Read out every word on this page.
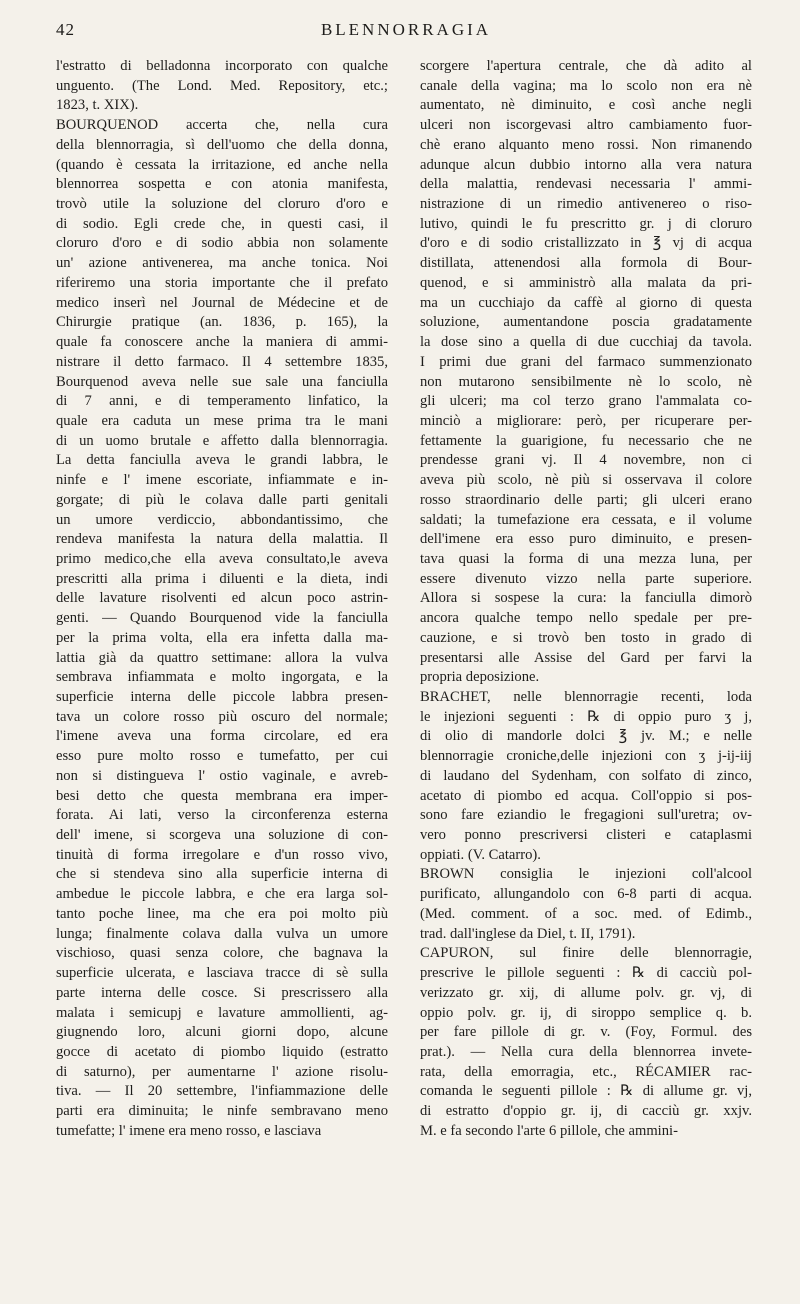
42	BLENNORRAGIA
l'estratto di belladonna incorporato con qualche
unguento. (The Lond. Med. Repository, etc.;
1823, t. XIX).
BOURQUENOD accerta che, nella cura
della blennorragia, sì dell'uomo che della donna,
(quando è cessata la irritazione, ed anche nella
blennorrea sospetta e con atonia manifesta,
trovò utile la soluzione del cloruro d'oro e
di sodio. Egli crede che, in questi casi, il
cloruro d'oro e di sodio abbia non solamente
un' azione antivenerea, ma anche tonica. Noi
riferiremo una storia importante che il prefato
medico inserì nel Journal de Médecine et de
Chirurgie pratique (an. 1836, p. 165), la
quale fa conoscere anche la maniera di ammi-
nistrare il detto farmaco. Il 4 settembre 1835,
Bourquenod aveva nelle sue sale una fanciulla
di 7 anni, e di temperamento linfatico, la
quale era caduta un mese prima tra le mani
di un uomo brutale e affetto dalla blennorragia.
La detta fanciulla aveva le grandi labbra, le
ninfe e l' imene escoriate, infiammate e in-
gorgate; di più le colava dalle parti genitali
un umore verdiccio, abbondantissimo, che
rendeva manifesta la natura della malattia. Il
primo medico,che ella aveva consultato,le aveva
prescritti alla prima i diluenti e la dieta, indi
delle lavature risolventi ed alcun poco astrin-
genti. — Quando Bourquenod vide la fanciulla
per la prima volta, ella era infetta dalla ma-
lattia già da quattro settimane: allora la vulva
sembrava infiammata e molto ingorgata, e la
superficie interna delle piccole labbra presen-
tava un colore rosso più oscuro del normale;
l'imene aveva una forma circolare, ed era
esso pure molto rosso e tumefatto, per cui
non si distingueva l' ostio vaginale, e avreb-
besi detto che questa membrana era imper-
forata. Ai lati, verso la circonferenza esterna
dell' imene, si scorgeva una soluzione di con-
tinuità di forma irregolare e d'un rosso vivo,
che si stendeva sino alla superficie interna di
ambedue le piccole labbra, e che era larga sol-
tanto poche linee, ma che era poi molto più
lunga; finalmente colava dalla vulva un umore
vischioso, quasi senza colore, che bagnava la
superficie ulcerata, e lasciava tracce di sè sulla
parte interna delle cosce. Si prescrissero alla
malata i semicupj e lavature ammollienti, ag-
giugnendo loro, alcuni giorni dopo, alcune
gocce di acetato di piombo liquido (estratto
di saturno), per aumentarne l' azione risolu-
tiva. — Il 20 settembre, l'infiammazione delle
parti era diminuita; le ninfe sembravano meno
tumefatte; l' imene era meno rosso, e lasciava
scorgere l'apertura centrale, che dà adito al
canale della vagina; ma lo scolo non era nè
aumentato, nè diminuito, e così anche negli
ulceri non iscorgevasi altro cambiamento fuor-
chè erano alquanto meno rossi. Non rimanendo
adunque alcun dubbio intorno alla vera natura
della malattia, rendevasi necessaria l' ammi-
nistrazione di un rimedio antivenereo o riso-
lutivo, quindi le fu prescritto gr. j di cloruro
d'oro e di sodio cristallizzato in ℥ vj di acqua
distillata, attenendosi alla formola di Bour-
quenod, e si amministrò alla malata da pri-
ma un cucchiajo da caffè al giorno di questa
soluzione, aumentandone poscia gradatamente
la dose sino a quella di due cucchiaj da tavola.
I primi due grani del farmaco summenzionato
non mutarono sensibilmente nè lo scolo, nè
gli ulceri; ma col terzo grano l'ammalata co-
minciò a migliorare: però, per ricuperare per-
fettamente la guarigione, fu necessario che ne
prendesse grani vj. Il 4 novembre, non ci
aveva più scolo, nè più si osservava il colore
rosso straordinario delle parti; gli ulceri erano
saldati; la tumefazione era cessata, e il volume
dell'imene era esso puro diminuito, e presen-
tava quasi la forma di una mezza luna, per
essere divenuto vizzo nella parte superiore.
Allora si sospese la cura: la fanciulla dimorò
ancora qualche tempo nello spedale per pre-
cauzione, e si trovò ben tosto in grado di
presentarsi alle Assise del Gard per farvi la
propria deposizione.
BRACHET, nelle blennorragie recenti, loda
le injezioni seguenti : ℞ di oppio puro ʒ j,
di olio di mandorle dolci ℥ jv. M.; e nelle
blennorragie croniche,delle injezioni con ʒ j-ij-iij
di laudano del Sydenham, con solfato di zinco,
acetato di piombo ed acqua. Coll'oppio si pos-
sono fare eziandio le fregagioni sull'uretra; ov-
vero ponno prescriversi clisteri e cataplasmi
oppiati. (V. Catarro).
BROWN consiglia le injezioni coll'alcool
purificato, allungandolo con 6-8 parti di acqua.
(Med. comment. of a soc. med. of Edimb.,
trad. dall'inglese da Diel, t. II, 1791).
CAPURON, sul finire delle blennorragie,
prescrive le pillole seguenti : ℞ di cacciù pol-
verizzato gr. xij, di allume polv. gr. vj, di
oppio polv. gr. ij, di siroppo semplice q. b.
per fare pillole di gr. v. (Foy, Formul. des
prat.). — Nella cura della blennorrea invete-
rata, della emorragia, etc., RÉCAMIER rac-
comanda le seguenti pillole : ℞ di allume gr. vj,
di estratto d'oppio gr. ij, di cacciù gr. xxjv.
M. e fa secondo l'arte 6 pillole, che ammini-
